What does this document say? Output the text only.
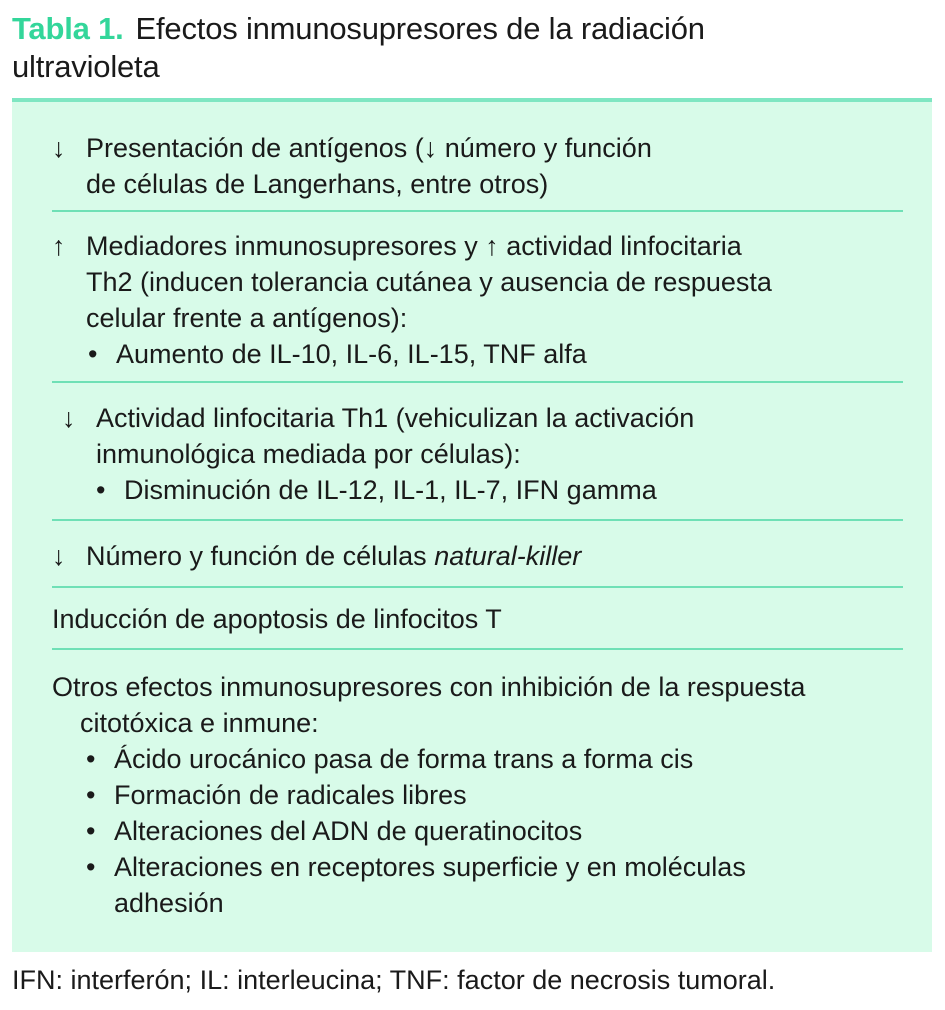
Tabla 1. Efectos inmunosupresores de la radiación
ultravioleta
↓ Presentación de antígenos (↓ número y función
de células de Langerhans, entre otros)
↑ Mediadores inmunosupresores y ↑ actividad linfocitaria
Th2 (inducen tolerancia cutánea y ausencia de respuesta
celular frente a antígenos):
• Aumento de IL-10, IL-6, IL-15, TNF alfa
↓ Actividad linfocitaria Th1 (vehiculizan la activación
inmunológica mediada por células):
• Disminución de IL-12, IL-1, IL-7, IFN gamma
↓ Número y función de células natural-killer
Inducción de apoptosis de linfocitos T
Otros efectos inmunosupresores con inhibición de la respuesta
citotóxica e inmune:
• Ácido urocánico pasa de forma trans a forma cis
• Formación de radicales libres
• Alteraciones del ADN de queratinocitos
• Alteraciones en receptores superficie y en moléculas
adhesión
IFN: interferón; IL: interleucina; TNF: factor de necrosis tumoral.
